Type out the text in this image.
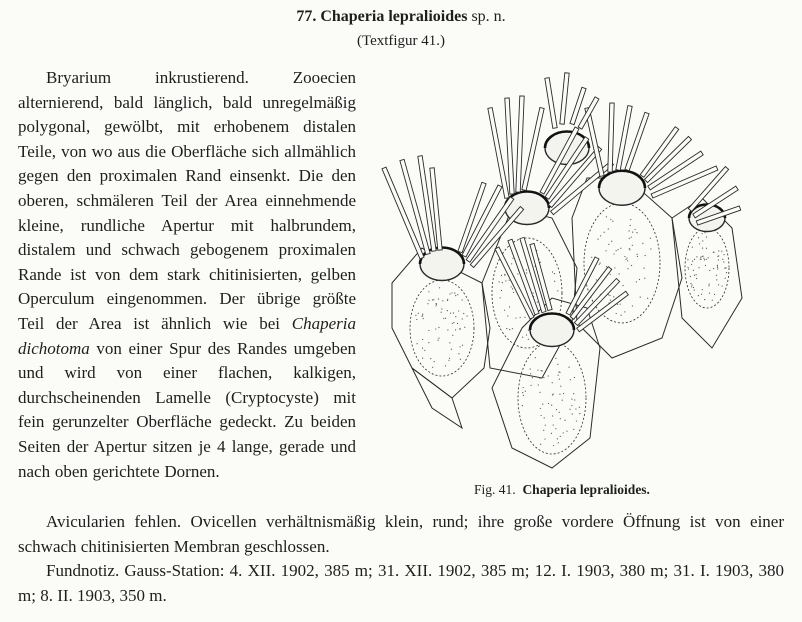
77. Chaperia lepralioides sp. n.
(Textfigur 41.)

Bryarium inkrustierend. Zooecien alternierend, bald länglich, bald unregelmäßig polygonal, gewölbt, mit erhobenem distalen Teile, von wo aus die Oberfläche sich allmählich gegen den proximalen Rand einsenkt. Die den oberen, schmäleren Teil der Area einnehmende kleine, rundliche Apertur mit halbrundem, distalem und schwach gebogenem proximalen Rande ist von dem stark chitinisierten, gelben Operculum eingenommen. Der übrige größte Teil der Area ist ähnlich wie bei Chaperia dichotoma von einer Spur des Randes umgeben und wird von einer flachen, kalkigen, durchscheinenden Lamelle (Cryptocyste) mit fein gerunzelter Oberfläche gedeckt. Zu beiden Seiten der Apertur sitzen je 4 lange, gerade und nach oben gerichtete Dornen.

Fig. 41. Chaperia lepralioides.

Avicularien fehlen. Ovicellen verhältnismäßig klein, rund; ihre große vordere Öffnung ist von einer schwach chitinisierten Membran geschlossen.

Fundnotiz. Gauss-Station: 4. XII. 1902, 385 m; 31. XII. 1902, 385 m; 12. I. 1903, 380 m; 31. I. 1903, 380 m; 8. II. 1903, 350 m.
